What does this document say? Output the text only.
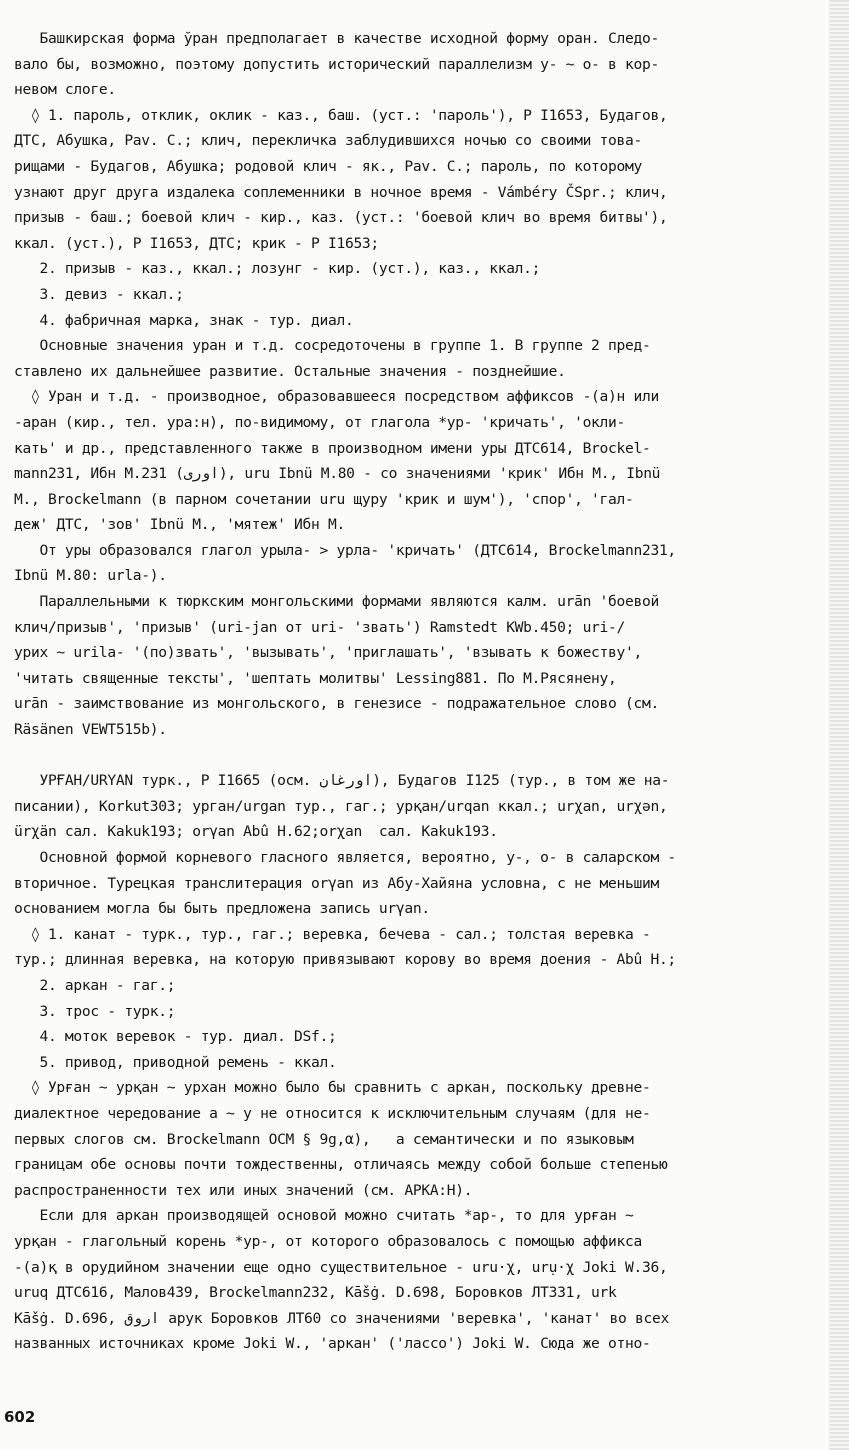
Башкирская форма ўран предполагает в качестве исходной форму оран. Следо-
вало бы, возможно, поэтому допустить исторический параллелизм у- ~ о- в кор-
невом слоге.
◊ 1. пароль, отклик, оклик - каз., баш. (уст.: 'пароль'), Р I1653, Будагов,
ДТС, Абушка, Pav. C.; клич, перекличка заблудившихся ночью со своими това-
рищами - Будагов, Абушка; родовой клич - як., Pav. C.; пароль, по которому
узнают друг друга издалека соплеменники в ночное время - Vámbéry ČSpr.; клич,
призыв - баш.; боевой клич - кир., каз. (уст.: 'боевой клич во время битвы'),
ккал. (уст.), Р I1653, ДТС; крик - Р I1653;
2. призыв - каз., ккал.; лозунг - кир. (уст.), каз., ккал.;
3. девиз - ккал.;
4. фабричная марка, знак - тур. диал.
Основные значения уран и т.д. сосредоточены в группе 1. В группе 2 пред-
ставлено их дальнейшее развитие. Остальные значения - позднейшие.
◊ Уран и т.д. - производное, образовавшееся посредством аффиксов -(а)н или
-аран (кир., тел. ура:н), по-видимому, от глагола *ур- 'кричать', 'окли-
кать' и др., представленного также в производном имени уры ДТС614, Brockel-
mann231, Ибн М.231 (اوری), uru Ibnü M.80 - со значениями 'крик' Ибн М., Ibnü
M., Brockelmann (в парном сочетании uru щуру 'крик и шум'), 'спор', 'гал-
деж' ДТС, 'зов' Ibnü M., 'мятеж' Ибн М.
От уры образовался глагол урыла- > урла- 'кричать' (ДТС614, Brockelmann231,
Ibnü M.80: urla-).
Параллельными к тюркским монгольскими формами являются калм. urān 'боевой
клич/призыв', 'призыв' (uri-jan от uri- 'звать') Ramstedt KWb.450; uri-/
урих ~ urila- '(по)звать', 'вызывать', 'приглашать', 'взывать к божеству',
'читать священные тексты', 'шептать молитвы' Lessing881. По М.Рясянену,
urān - заимствование из монгольского, в генезисе - подражательное слово (см.
Räsänen VEWT515b).
УРҒАН/URYAN турк., Р I1665 (осм. اورغان), Будагов I125 (тур., в том же на-
писании), Korkut303; урган/urgan тур., гаг.; урқан/urqan ккал.; urχan, urχən,
ürχän сал. Kakuk193; orγan Abû H.62;orχan  сал. Kakuk193.
Основной формой корневого гласного является, вероятно, у-, о- в саларском -
вторичное. Турецкая транслитерация orγan из Абу-Хайяна условна, с не меньшим
основанием могла бы быть предложена запись urγan.
◊ 1. канат - турк., тур., гаг.; веревка, бечева - сал.; толстая веревка -
тур.; длинная веревка, на которую привязывают корову во время доения - Abû H.;
2. аркан - гаг.;
3. трос - турк.;
4. моток веревок - тур. диал. DSf.;
5. привод, приводной ремень - ккал.
◊ Урған ~ урқан ~ урхан можно было бы сравнить с аркан, поскольку древне-
диалектное чередование а ~ у не относится к исключительным случаям (для не-
первых слогов см. Brockelmann OCM § 9g,α),   а семантически и по языковым
границам обе основы почти тождественны, отличаясь между собой больше степенью
распространенности тех или иных значений (см. АРКА:Н).
Если для аркан производящей основой можно считать *ар-, то для урған ~
урқан - глагольный корень *ур-, от которого образовалось с помощью аффикса
-(а)қ в орудийном значении еще одно существительное - uru·χ, urụ·χ Joki W.36,
uruq ДТС616, Малов439, Brockelmann232, Kāšġ. D.698, Боровков ЛТ331, urk
Kāšġ. D.696, اروق арук Боровков ЛТ60 со значениями 'веревка', 'канат' во всех
названных источниках кроме Joki W., 'аркан' ('лассо') Joki W. Сюда же отно-
602
